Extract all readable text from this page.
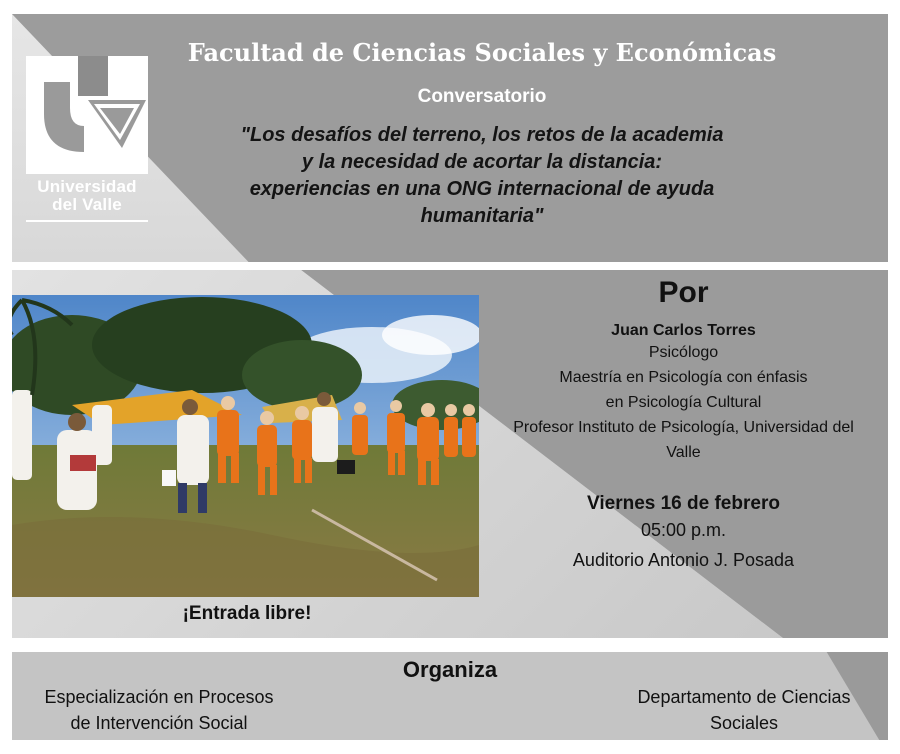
Universidad
del Valle
Facultad de Ciencias Sociales y Económicas
Conversatorio
"Los desafíos del terreno, los retos de la academia
y la necesidad de acortar la distancia:
experiencias en una ONG internacional de ayuda
humanitaria"
¡Entrada libre!
Por
Juan Carlos Torres
Psicólogo
Maestría en Psicología con énfasis
en Psicología Cultural
Profesor Instituto de Psicología, Universidad del
Valle
Viernes 16 de febrero
05:00 p.m.
Auditorio Antonio J. Posada
Organiza
Especialización en Procesos
de Intervención Social
Departamento de Ciencias
Sociales
